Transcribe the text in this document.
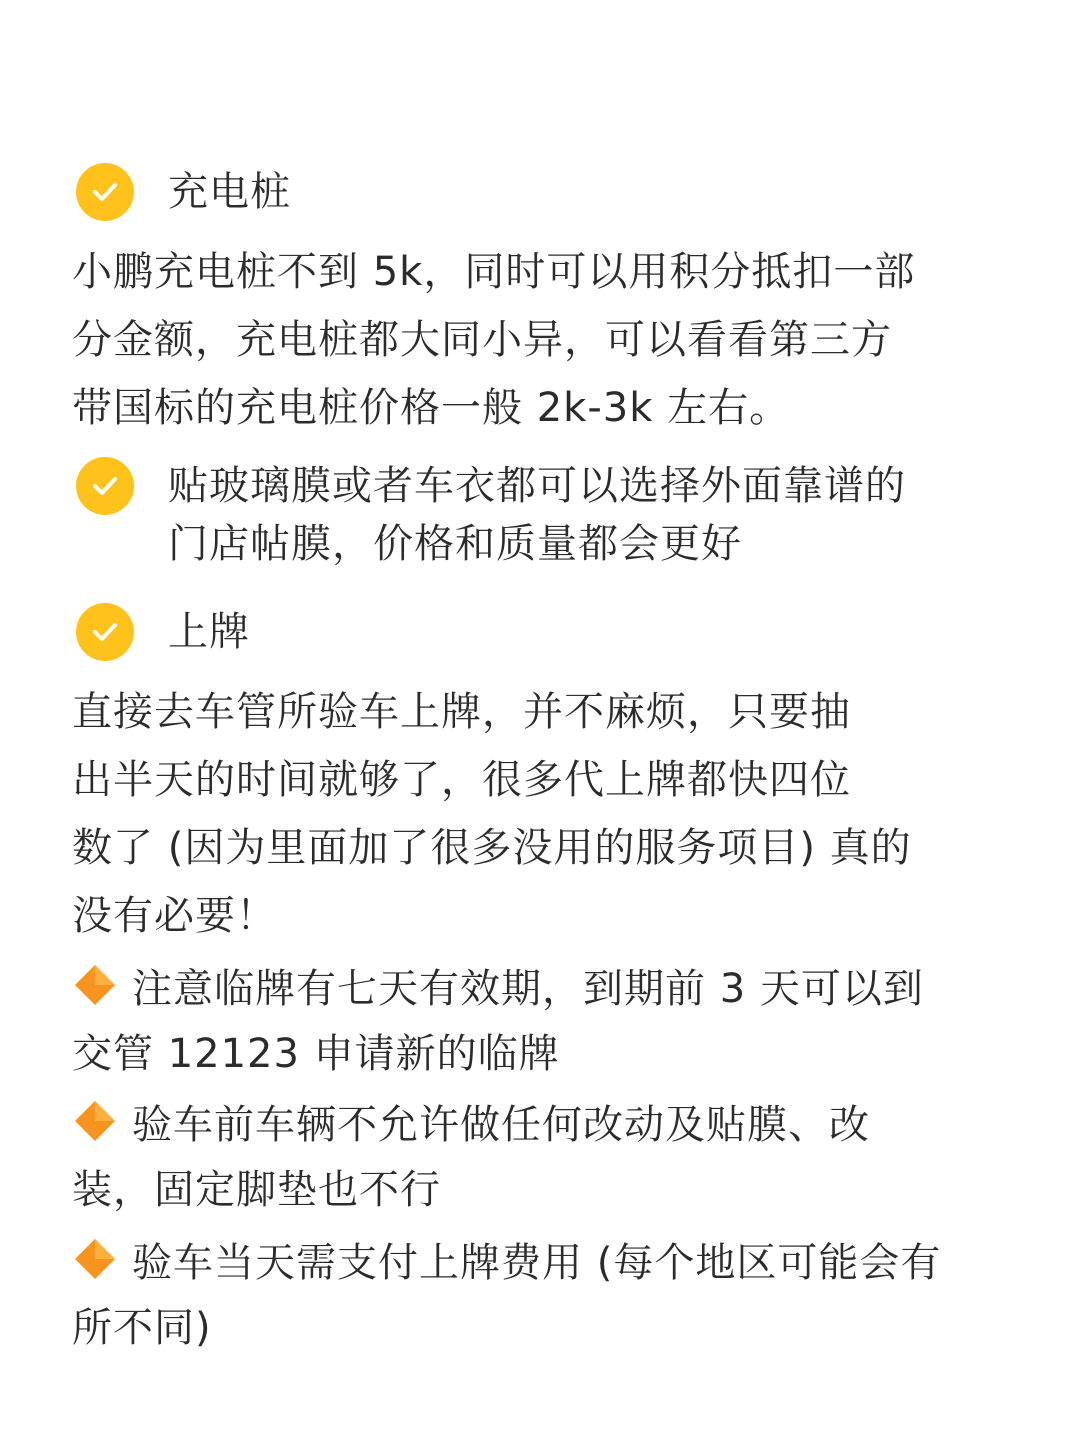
充电桩
小鹏充电桩不到 5k，同时可以用积分抵扣一部
分金额，充电桩都大同小异，可以看看第三方
带国标的充电桩价格一般 2k-3k 左右。
贴玻璃膜或者车衣都可以选择外面靠谱的
门店帖膜，价格和质量都会更好
上牌
直接去车管所验车上牌，并不麻烦，只要抽
出半天的时间就够了，很多代上牌都快四位
数了 (因为里面加了很多没用的服务项目) 真的
没有必要！
注意临牌有七天有效期，到期前 3 天可以到
交管 12123 申请新的临牌
验车前车辆不允许做任何改动及贴膜、改
装，固定脚垫也不行
验车当天需支付上牌费用 (每个地区可能会有
所不同)
